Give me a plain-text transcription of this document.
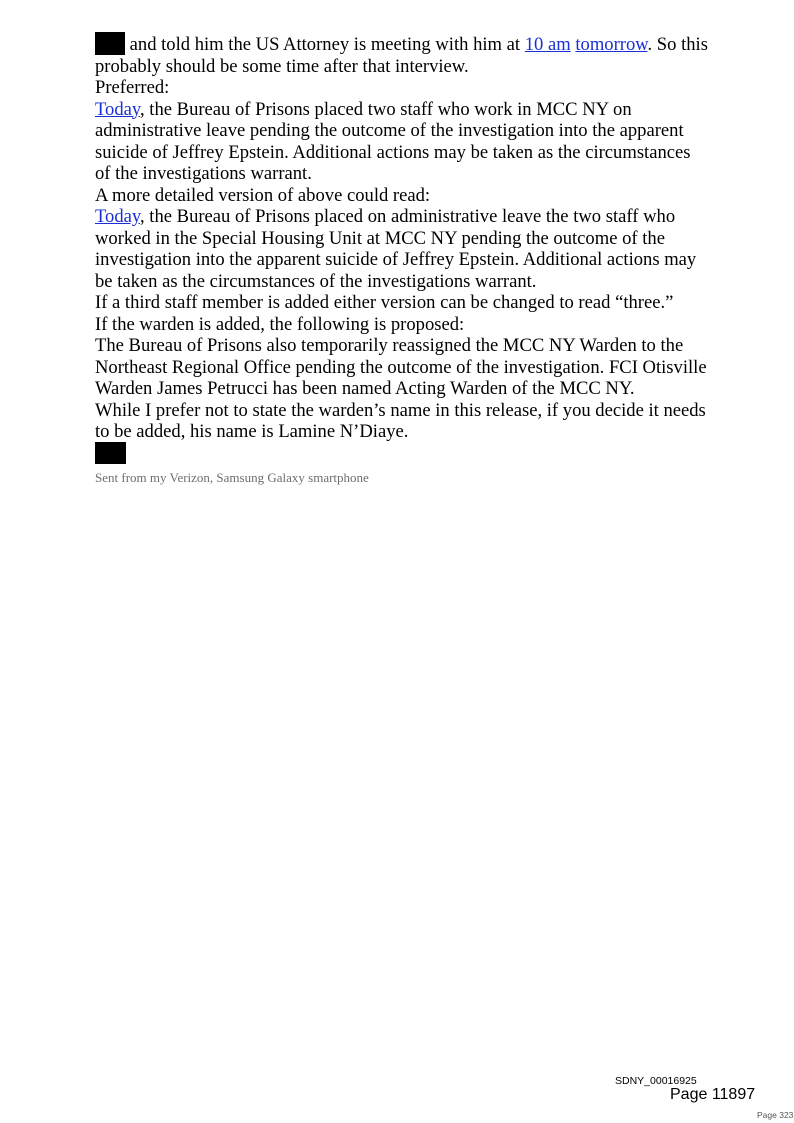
and told him the US Attorney is meeting with him at 10 am tomorrow. So this probably should be some time after that interview.

Preferred:

Today, the Bureau of Prisons placed two staff who work in MCC NY on administrative leave pending the outcome of the investigation into the apparent suicide of Jeffrey Epstein. Additional actions may be taken as the circumstances of the investigations warrant.

A more detailed version of above could read:

Today, the Bureau of Prisons placed on administrative leave the two staff who worked in the Special Housing Unit at MCC NY pending the outcome of the investigation into the apparent suicide of Jeffrey Epstein. Additional actions may be taken as the circumstances of the investigations warrant.

If a third staff member is added either version can be changed to read “three.”

If the warden is added, the following is proposed:

The Bureau of Prisons also temporarily reassigned the MCC NY Warden to the Northeast Regional Office pending the outcome of the investigation. FCI Otisville Warden James Petrucci has been named Acting Warden of the MCC NY.

While I prefer not to state the warden’s name in this release, if you decide it needs to be added, his name is Lamine N’Diaye.

Sent from my Verizon, Samsung Galaxy smartphone

SDNY_00016925
Page 11897
Page 323
